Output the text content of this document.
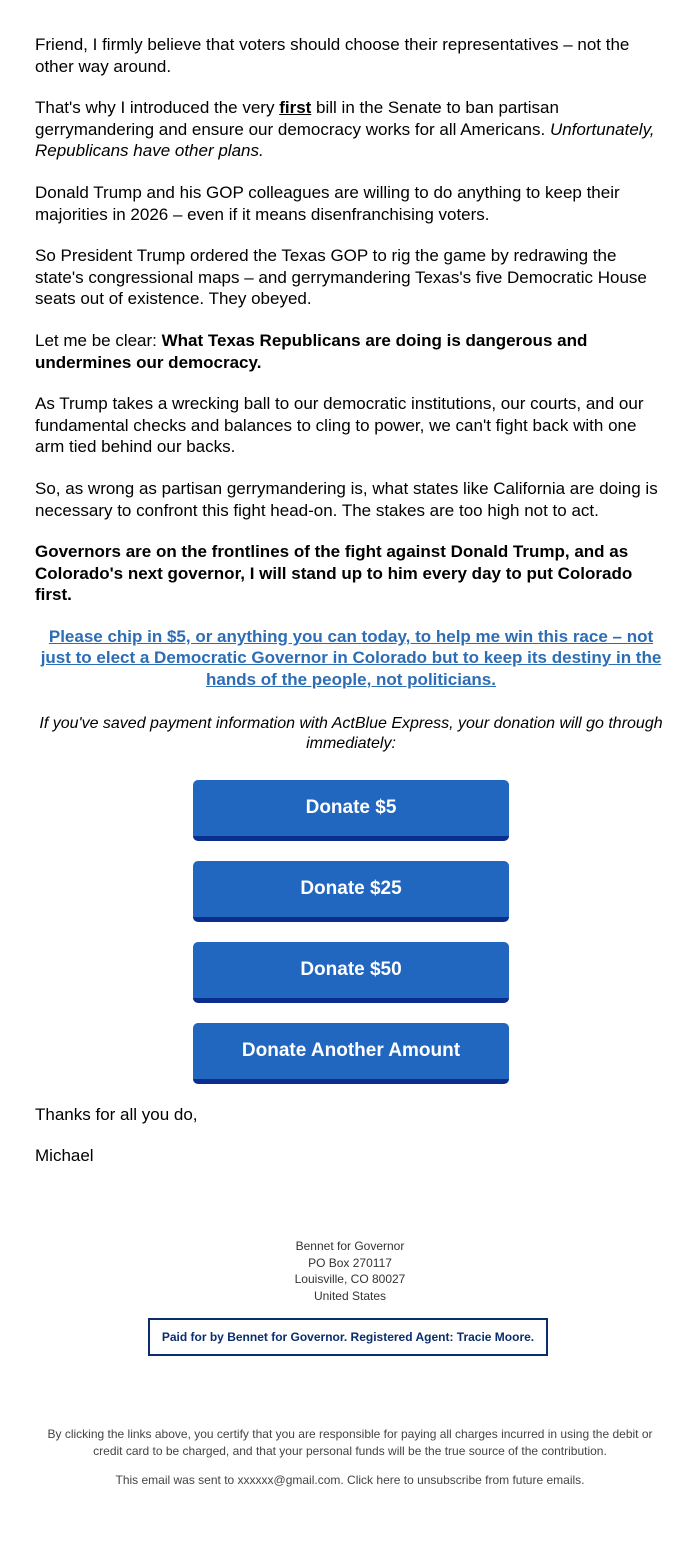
Friend, I firmly believe that voters should choose their representatives – not the other way around.

That's why I introduced the very first bill in the Senate to ban partisan gerrymandering and ensure our democracy works for all Americans. Unfortunately, Republicans have other plans.

Donald Trump and his GOP colleagues are willing to do anything to keep their majorities in 2026 – even if it means disenfranchising voters.

So President Trump ordered the Texas GOP to rig the game by redrawing the state's congressional maps – and gerrymandering Texas's five Democratic House seats out of existence. They obeyed.

Let me be clear: What Texas Republicans are doing is dangerous and undermines our democracy.

As Trump takes a wrecking ball to our democratic institutions, our courts, and our fundamental checks and balances to cling to power, we can't fight back with one arm tied behind our backs.

So, as wrong as partisan gerrymandering is, what states like California are doing is necessary to confront this fight head-on. The stakes are too high not to act.

Governors are on the frontlines of the fight against Donald Trump, and as Colorado's next governor, I will stand up to him every day to put Colorado first.

Please chip in $5, or anything you can today, to help me win this race – not just to elect a Democratic Governor in Colorado but to keep its destiny in the hands of the people, not politicians.
If you've saved payment information with ActBlue Express, your donation will go through immediately:
Donate $5
Donate $25
Donate $50
Donate Another Amount

Thanks for all you do,

Michael

Bennet for Governor
PO Box 270117
Louisville, CO 80027
United States
Paid for by Bennet for Governor. Registered Agent: Tracie Moore.
By clicking the links above, you certify that you are responsible for paying all charges incurred in using the debit or credit card to be charged, and that your personal funds will be the true source of the contribution.
This email was sent to xxxxxx@gmail.com. Click here to unsubscribe from future emails.
